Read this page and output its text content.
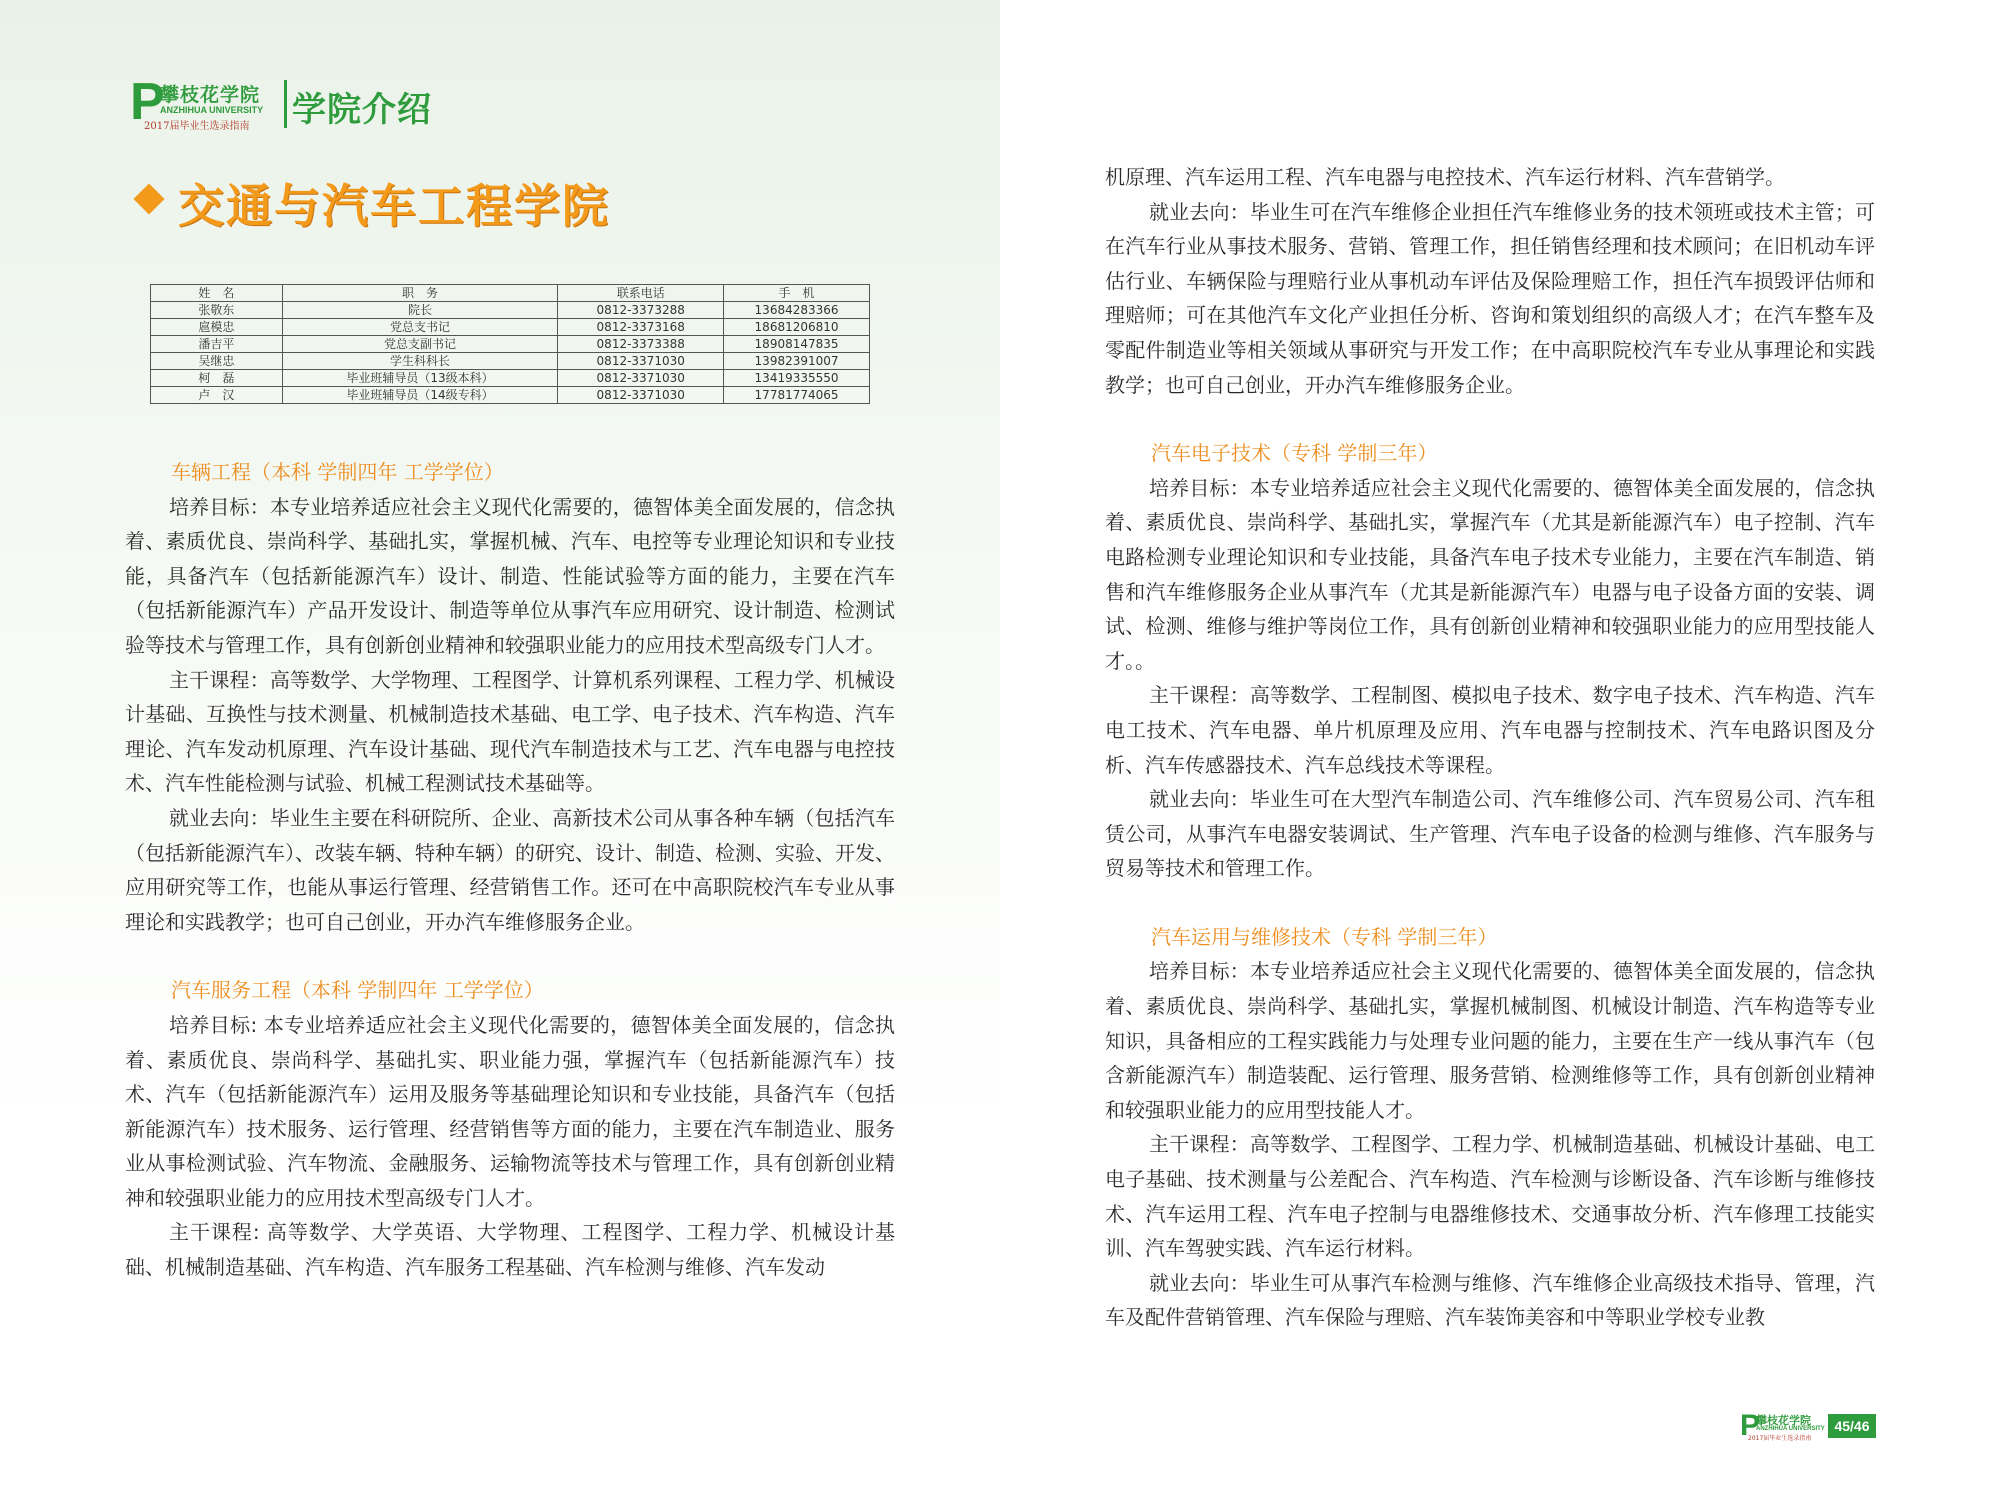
P
攀枝花学院
ANZHIHUA UNIVERSITY
2017届毕业生选录指南 学院介绍
交通与汽车工程学院
姓　名	职　务	联系电话	手　机
张敬东	院长	0812-3373288	13684283366
扈模忠	党总支书记	0812-3373168	18681206810
潘吉平	党总支副书记	0812-3373388	18908147835
吴继忠	学生科科长	0812-3371030	13982391007
柯　磊	毕业班辅导员（13级本科）	0812-3371030	13419335550
卢　汉	毕业班辅导员（14级专科）	0812-3371030	17781774065
车辆工程（本科 学制四年 工学学位）

培养目标：本专业培养适应社会主义现代化需要的，德智体美全面发展的，信念执着、素质优良、崇尚科学、基础扎实，掌握机械、汽车、电控等专业理论知识和专业技能，具备汽车（包括新能源汽车）设计、制造、性能试验等方面的能力，主要在汽车（包括新能源汽车）产品开发设计、制造等单位从事汽车应用研究、设计制造、检测试验等技术与管理工作，具有创新创业精神和较强职业能力的应用技术型高级专门人才。

主干课程：高等数学、大学物理、工程图学、计算机系列课程、工程力学、机械设计基础、互换性与技术测量、机械制造技术基础、电工学、电子技术、汽车构造、汽车理论、汽车发动机原理、汽车设计基础、现代汽车制造技术与工艺、汽车电器与电控技术、汽车性能检测与试验、机械工程测试技术基础等。

就业去向：毕业生主要在科研院所、企业、高新技术公司从事各种车辆（包括汽车（包括新能源汽车）、改装车辆、特种车辆）的研究、设计、制造、检测、实验、开发、应用研究等工作，也能从事运行管理、经营销售工作。还可在中高职院校汽车专业从事理论和实践教学；也可自己创业，开办汽车维修服务企业。

汽车服务工程（本科 学制四年 工学学位）

培养目标: 本专业培养适应社会主义现代化需要的，德智体美全面发展的，信念执着、素质优良、崇尚科学、基础扎实、职业能力强，掌握汽车（包括新能源汽车）技术、汽车（包括新能源汽车）运用及服务等基础理论知识和专业技能，具备汽车（包括新能源汽车）技术服务、运行管理、经营销售等方面的能力，主要在汽车制造业、服务业从事检测试验、汽车物流、金融服务、运输物流等技术与管理工作，具有创新创业精神和较强职业能力的应用技术型高级专门人才。

主干课程: 高等数学、大学英语、大学物理、工程图学、工程力学、机械设计基础、机械制造基础、汽车构造、汽车服务工程基础、汽车检测与维修、汽车发动

机原理、汽车运用工程、汽车电器与电控技术、汽车运行材料、汽车营销学。

就业去向：毕业生可在汽车维修企业担任汽车维修业务的技术领班或技术主管；可在汽车行业从事技术服务、营销、管理工作，担任销售经理和技术顾问；在旧机动车评估行业、车辆保险与理赔行业从事机动车评估及保险理赔工作，担任汽车损毁评估师和理赔师；可在其他汽车文化产业担任分析、咨询和策划组织的高级人才；在汽车整车及零配件制造业等相关领域从事研究与开发工作；在中高职院校汽车专业从事理论和实践教学；也可自己创业，开办汽车维修服务企业。

汽车电子技术（专科 学制三年）

培养目标：本专业培养适应社会主义现代化需要的、德智体美全面发展的，信念执着、素质优良、崇尚科学、基础扎实，掌握汽车（尤其是新能源汽车）电子控制、汽车电路检测专业理论知识和专业技能，具备汽车电子技术专业能力，主要在汽车制造、销售和汽车维修服务企业从事汽车（尤其是新能源汽车）电器与电子设备方面的安装、调试、检测、维修与维护等岗位工作，具有创新创业精神和较强职业能力的应用型技能人才。。

主干课程：高等数学、工程制图、模拟电子技术、数字电子技术、汽车构造、汽车电工技术、汽车电器、单片机原理及应用、汽车电器与控制技术、汽车电路识图及分析、汽车传感器技术、汽车总线技术等课程。

就业去向：毕业生可在大型汽车制造公司、汽车维修公司、汽车贸易公司、汽车租赁公司，从事汽车电器安装调试、生产管理、汽车电子设备的检测与维修、汽车服务与贸易等技术和管理工作。

汽车运用与维修技术（专科 学制三年）

培养目标：本专业培养适应社会主义现代化需要的、德智体美全面发展的，信念执着、素质优良、崇尚科学、基础扎实，掌握机械制图、机械设计制造、汽车构造等专业知识，具备相应的工程实践能力与处理专业问题的能力，主要在生产一线从事汽车（包含新能源汽车）制造装配、运行管理、服务营销、检测维修等工作，具有创新创业精神和较强职业能力的应用型技能人才。

主干课程：高等数学、工程图学、工程力学、机械制造基础、机械设计基础、电工电子基础、技术测量与公差配合、汽车构造、汽车检测与诊断设备、汽车诊断与维修技术、汽车运用工程、汽车电子控制与电器维修技术、交通事故分析、汽车修理工技能实训、汽车驾驶实践、汽车运行材料。

就业去向：毕业生可从事汽车检测与维修、汽车维修企业高级技术指导、管理，汽车及配件营销管理、汽车保险与理赔、汽车装饰美容和中等职业学校专业教

P
攀枝花学院
ANZHIHUA UNIVERSITY
2017届毕业生选录指南
45/46
